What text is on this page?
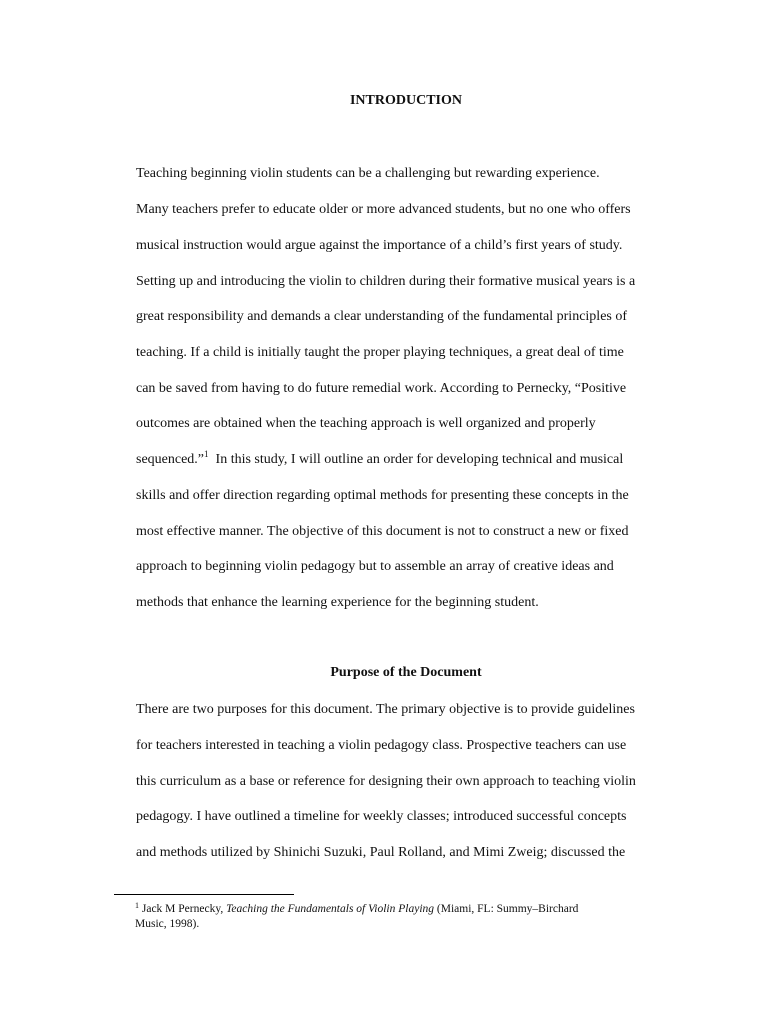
INTRODUCTION

Teaching beginning violin students can be a challenging but rewarding experience.

Many teachers prefer to educate older or more advanced students, but no one who offers

musical instruction would argue against the importance of a child’s first years of study.

Setting up and introducing the violin to children during their formative musical years is a

great responsibility and demands a clear understanding of the fundamental principles of

teaching. If a child is initially taught the proper playing techniques, a great deal of time

can be saved from having to do future remedial work. According to Pernecky, “Positive

outcomes are obtained when the teaching approach is well organized and properly

sequenced.”$^1$  In this study, I will outline an order for developing technical and musical

skills and offer direction regarding optimal methods for presenting these concepts in the

most effective manner. The objective of this document is not to construct a new or fixed

approach to beginning violin pedagogy but to assemble an array of creative ideas and

methods that enhance the learning experience for the beginning student.

Purpose of the Document

There are two purposes for this document. The primary objective is to provide guidelines

for teachers interested in teaching a violin pedagogy class. Prospective teachers can use

this curriculum as a base or reference for designing their own approach to teaching violin

pedagogy. I have outlined a timeline for weekly classes; introduced successful concepts

and methods utilized by Shinichi Suzuki, Paul Rolland, and Mimi Zweig; discussed the

$^1$ Jack M Pernecky, Teaching the Fundamentals of Violin Playing (Miami, FL: Summy–Birchard
Music, 1998).
